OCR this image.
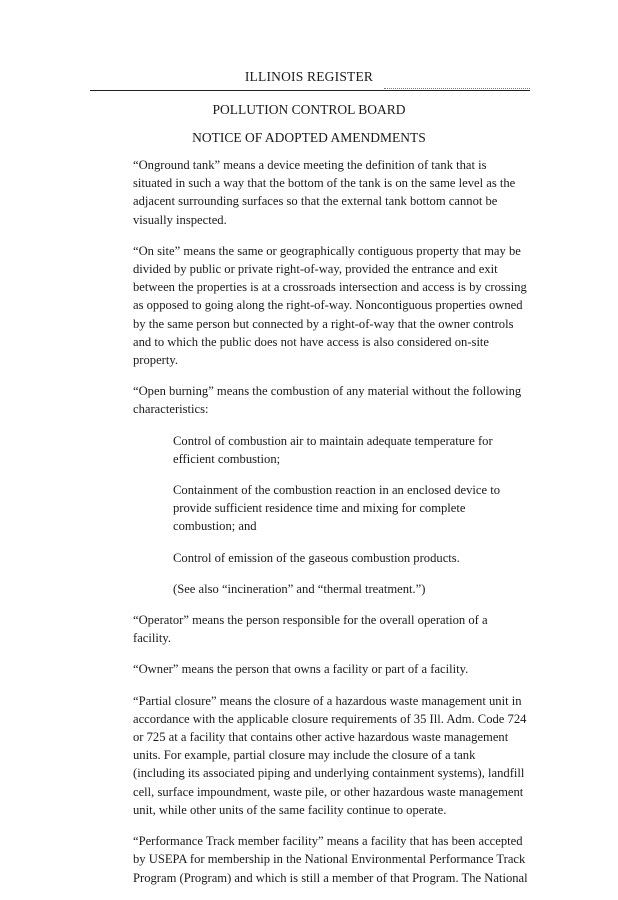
ILLINOIS REGISTER
POLLUTION CONTROL BOARD
NOTICE OF ADOPTED AMENDMENTS

“Onground tank” means a device meeting the definition of tank that is situated in such a way that the bottom of the tank is on the same level as the adjacent surrounding surfaces so that the external tank bottom cannot be visually inspected.

“On site” means the same or geographically contiguous property that may be divided by public or private right-of-way, provided the entrance and exit between the properties is at a crossroads intersection and access is by crossing as opposed to going along the right-of-way. Noncontiguous properties owned by the same person but connected by a right-of-way that the owner controls and to which the public does not have access is also considered on-site property.

“Open burning” means the combustion of any material without the following characteristics:

Control of combustion air to maintain adequate temperature for efficient combustion;

Containment of the combustion reaction in an enclosed device to provide sufficient residence time and mixing for complete combustion; and

Control of emission of the gaseous combustion products.

(See also “incineration” and “thermal treatment.”)

“Operator” means the person responsible for the overall operation of a facility.

“Owner” means the person that owns a facility or part of a facility.

“Partial closure” means the closure of a hazardous waste management unit in accordance with the applicable closure requirements of 35 Ill. Adm. Code 724 or 725 at a facility that contains other active hazardous waste management units. For example, partial closure may include the closure of a tank (including its associated piping and underlying containment systems), landfill cell, surface impoundment, waste pile, or other hazardous waste management unit, while other units of the same facility continue to operate.

“Performance Track member facility” means a facility that has been accepted by USEPA for membership in the National Environmental Performance Track Program (Program) and which is still a member of that Program. The National
